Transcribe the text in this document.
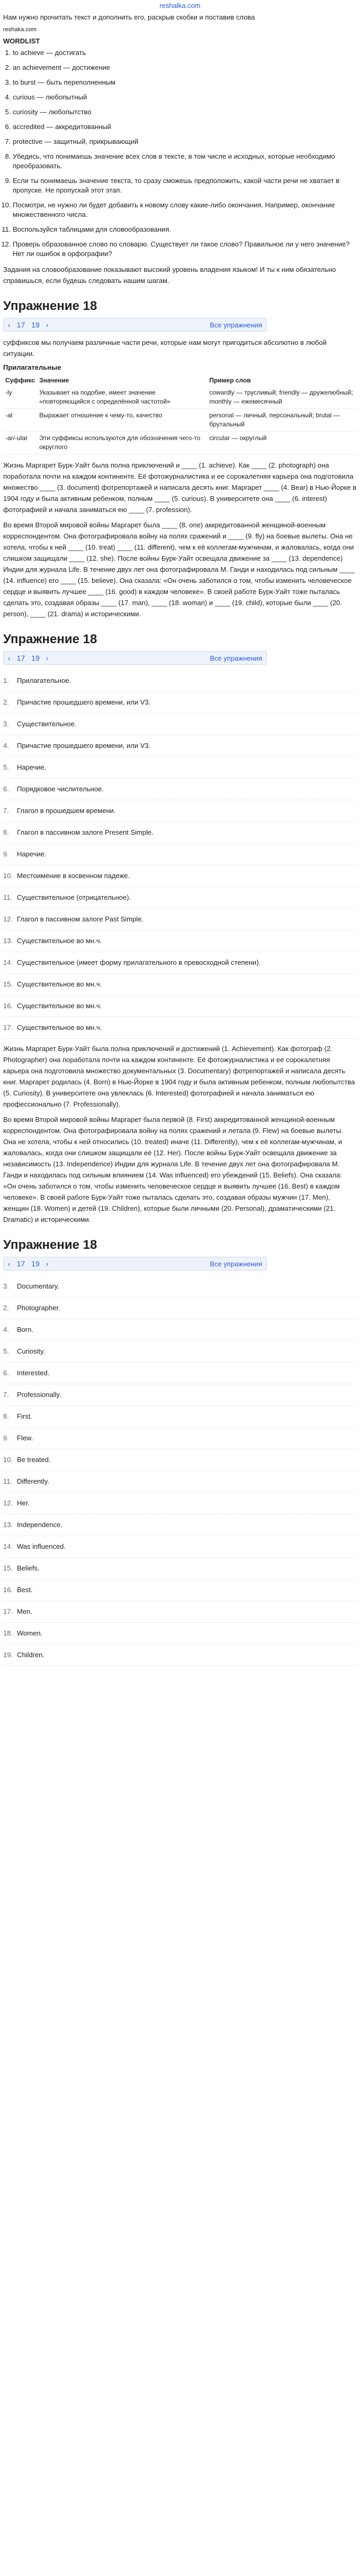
reshalka.com
Нам нужно прочитать текст и дополнить его, раскрыв скобки и поставив слова
reshaka.com
WORDLIST
1. to achieve — достигать
2. an achievement — достижение
3. to burst — быть переполненным
4. curious — любопытный
5. curiosity — любопытство
6. accredited — аккредитованный
7. protective — защитный, прикрывающий
8. Убедись, что понимаешь значение всех слов в тексте, в том числе и исходных, которые необходимо преобразовать.
9. Если ты понимаешь значение текста, то сразу сможешь предположить, какой части речи не хватает в пропуске. Не пропускай этот этап.
10. Посмотри, не нужно ли будет добавить к новому слову какие-либо окончания. Например, окончание множественного числа.
11. Воспользуйся таблицами для словообразования.
12. Проверь образованное слово по словарю. Существует ли такое слово? Правильное ли у него значение? Нет ли ошибок в орфографии?

Задания на словообразование показывают высокий уровень владения языком! И ты к ним обязательно справишься, если будешь следовать нашим шагам.

Упражнение 18
‹ 17 19 ›	Все упражнения

суффиксов мы получаем различные части речи, которые нам могут пригодиться абсолютно в любой ситуации.

Прилагательные
Суффикс	Значение	Пример слов
-ly	Указывает на подобие, имеет значение «повторяющийся с определённой частотой»	cowardly — трусливый; friendly — дружелюбный; monthly — ежемесячный
-al	Выражает отношение к чему-то, качество	personal — личный, персональный; brutal — брутальный
-ar/-ular	Эти суффиксы используются для обозначения чего-то округлого	circular — округлый

Жизнь Маргарет Бурк-Уайт была полна приключений и ____ (1. achieve). Как ____ (2. photograph) она поработала почти на каждом континенте. Её фотожурналистика и ее сорокалетняя карьера она подготовила множество ____ (3. document) фотрепортажей и написала десять книг. Маргарет ____ (4. Bear) в Нью-Йорке в 1904 году и была активным ребенком, полным ____ (5. curious). В университете она ____ (6. interest) фотографией и начала заниматься ею ____ (7. profession).

Во время Второй мировой войны Маргарет была ____ (8. one) аккредитованной женщиной-военным корреспондентом. Она фотографировала войну на полях сражений и ____ (9. fly) на боевые вылеты. Она не хотела, чтобы к ней ____ (10. treat) ____ (11. different), чем к её коллегам-мужчинам, и жаловалась, когда они слишком защищали ____ (12. she). После войны Бурк-Уайт освещала движение за ____ (13. dependence) Индии для журнала Life. В течение двух лет она фотографировала М. Ганди и находилась под сильным ____ (14. influence) его ____ (15. believe). Она сказала: «Он очень заботился о том, чтобы изменить человеческое сердце и выявить лучшее ____ (16. good) в каждом человеке». В своей работе Бурк-Уайт тоже пыталась сделать это, создавая образы ____ (17. man), ____ (18. woman) и ____ (19. child), которые были ____ (20. person), ____ (21. drama) и историческими.

Упражнение 18
‹ 17 19 ›	Все упражнения
1.	Прилагательное.
2.	Причастие прошедшего времени, или V3.
3.	Существительное.
4.	Причастие прошедшего времени, или V3.
5.	Наречие.
6.	Порядковое числительное.
7.	Глагол в прошедшем времени.
8.	Глагол в пассивном залоге Present Simple.
9.	Наречие.
10. Местоимение в косвенном падеже.
11. Существительное (отрицательное).
12. Глагол в пассивном залоге Past Simple.
13. Существительное во мн.ч.
14. Существительное (имеет форму прилагательного в превосходной степени).
15. Существительное во мн.ч.
16. Существительное во мн.ч.
17. Существительное во мн.ч.

Жизнь Маргарет Бурк-Уайт была полна приключений и достижений (1. Achievement). Как фотограф (2. Photographer) она поработала почти на каждом континенте. Её фотожурналистика и ее сорокалетняя карьера она подготовила множество документальных (3. Documentary) фотрепортажей и написала десять книг. Маргарет родилась (4. Born) в Нью-Йорке в 1904 году и была активным ребенком, полным любопытства (5. Curiosity). В университете она увлеклась (6. Interested) фотографией и начала заниматься ею профессионально (7. Professionally).

Во время Второй мировой войны Маргарет была первой (8. First) аккредитованной женщиной-военным корреспондентом. Она фотографировала войну на полях сражений и летала (9. Flew) на боевые вылеты. Она не хотела, чтобы к ней относились (10. treated) иначе (11. Differently), чем к её коллегам-мужчинам, и жаловалась, когда они слишком защищали её (12. Her). После войны Бурк-Уайт освещала движение за независимость (13. Independence) Индии для журнала Life. В течение двух лет она фотографировала М. Ганди и находилась под сильным влиянием (14. Was influenced) его убеждений (15. Beliefs). Она сказала: «Он очень заботился о том, чтобы изменить человеческое сердце и выявить лучшее (16. Best) в каждом человеке». В своей работе Бурк-Уайт тоже пыталась сделать это, создавая образы мужчин (17. Men), женщин (18. Women) и детей (19. Children), которые были личными (20. Personal), драматическими (21. Dramatic) и историческими.

Упражнение 18
‹ 17 19 ›	Все упражнения
3.	Documentary.
2.	Photographer.
4.	Born.
5.	Curiosity.
6.	Interested.
7.	Professionally.
8.	First.
9.	Flew.
10. Be treated.
11. Differently.
12. Her.
13. Independence.
14. Was influenced.
15. Beliefs.
16. Best.
17. Men.
18. Women.
19. Children.
